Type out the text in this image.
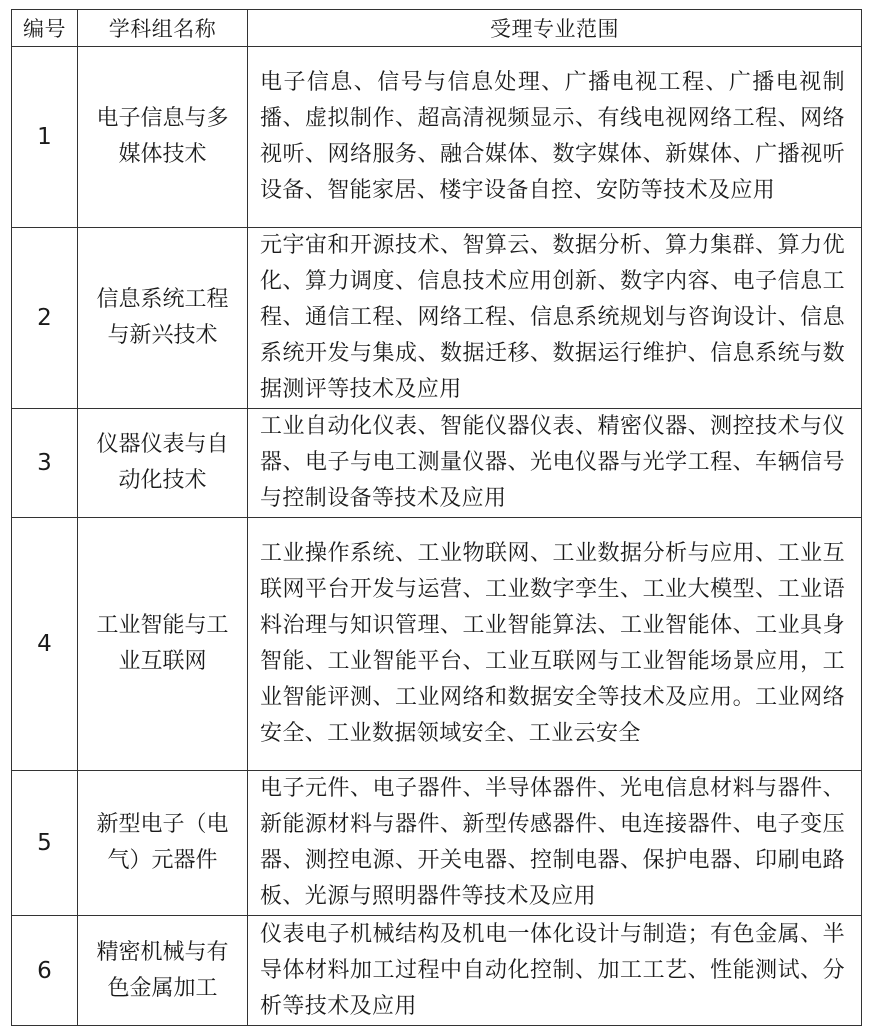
编号	学科组名称	受理专业范围
1	电子信息与多媒体技术	电子信息、信号与信息处理、广播电视工程、广播电视制播、虚拟制作、超高清视频显示、有线电视网络工程、网络视听、网络服务、融合媒体、数字媒体、新媒体、广播视听设备、智能家居、楼宇设备自控、安防等技术及应用
2	信息系统工程与新兴技术	元宇宙和开源技术、智算云、数据分析、算力集群、算力优化、算力调度、信息技术应用创新、数字内容、电子信息工程、通信工程、网络工程、信息系统规划与咨询设计、信息系统开发与集成、数据迁移、数据运行维护、信息系统与数据测评等技术及应用
3	仪器仪表与自动化技术	工业自动化仪表、智能仪器仪表、精密仪器、测控技术与仪器、电子与电工测量仪器、光电仪器与光学工程、车辆信号与控制设备等技术及应用
4	工业智能与工业互联网	工业操作系统、工业物联网、工业数据分析与应用、工业互联网平台开发与运营、工业数字孪生、工业大模型、工业语料治理与知识管理、工业智能算法、工业智能体、工业具身智能、工业智能平台、工业互联网与工业智能场景应用，工业智能评测、工业网络和数据安全等技术及应用。工业网络安全、工业数据领域安全、工业云安全
5	新型电子（电气）元器件	电子元件、电子器件、半导体器件、光电信息材料与器件、新能源材料与器件、新型传感器件、电连接器件、电子变压器、测控电源、开关电器、控制电器、保护电器、印刷电路板、光源与照明器件等技术及应用
6	精密机械与有色金属加工	仪表电子机械结构及机电一体化设计与制造；有色金属、半导体材料加工过程中自动化控制、加工工艺、性能测试、分析等技术及应用
